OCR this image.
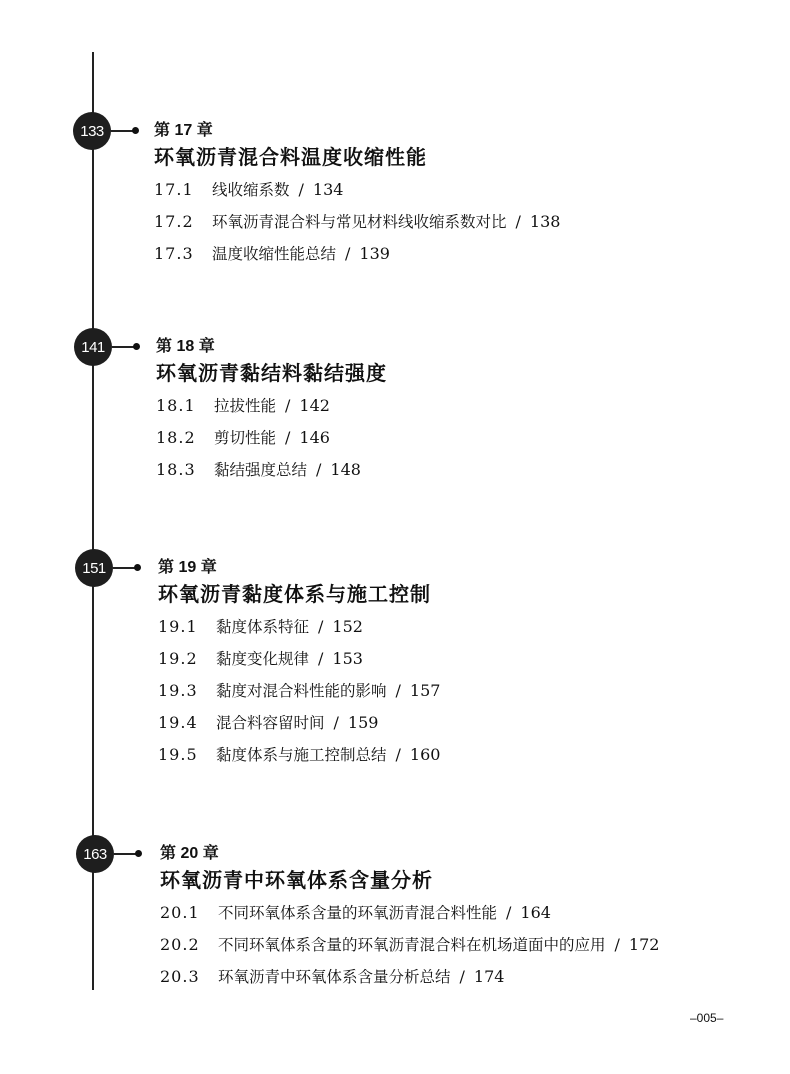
133	第 17 章
环氧沥青混合料温度收缩性能
17.1	线收缩系数 / 134
17.2	环氧沥青混合料与常见材料线收缩系数对比 / 138
17.3	温度收缩性能总结 / 139
141	第 18 章
环氧沥青黏结料黏结强度
18.1	拉拔性能 / 142
18.2	剪切性能 / 146
18.3	黏结强度总结 / 148
151	第 19 章
环氧沥青黏度体系与施工控制
19.1	黏度体系特征 / 152
19.2	黏度变化规律 / 153
19.3	黏度对混合料性能的影响 / 157
19.4	混合料容留时间 / 159
19.5	黏度体系与施工控制总结 / 160
163	第 20 章
环氧沥青中环氧体系含量分析
20.1	不同环氧体系含量的环氧沥青混合料性能 / 164
20.2	不同环氧体系含量的环氧沥青混合料在机场道面中的应用 / 172
20.3	环氧沥青中环氧体系含量分析总结 / 174
–005–
